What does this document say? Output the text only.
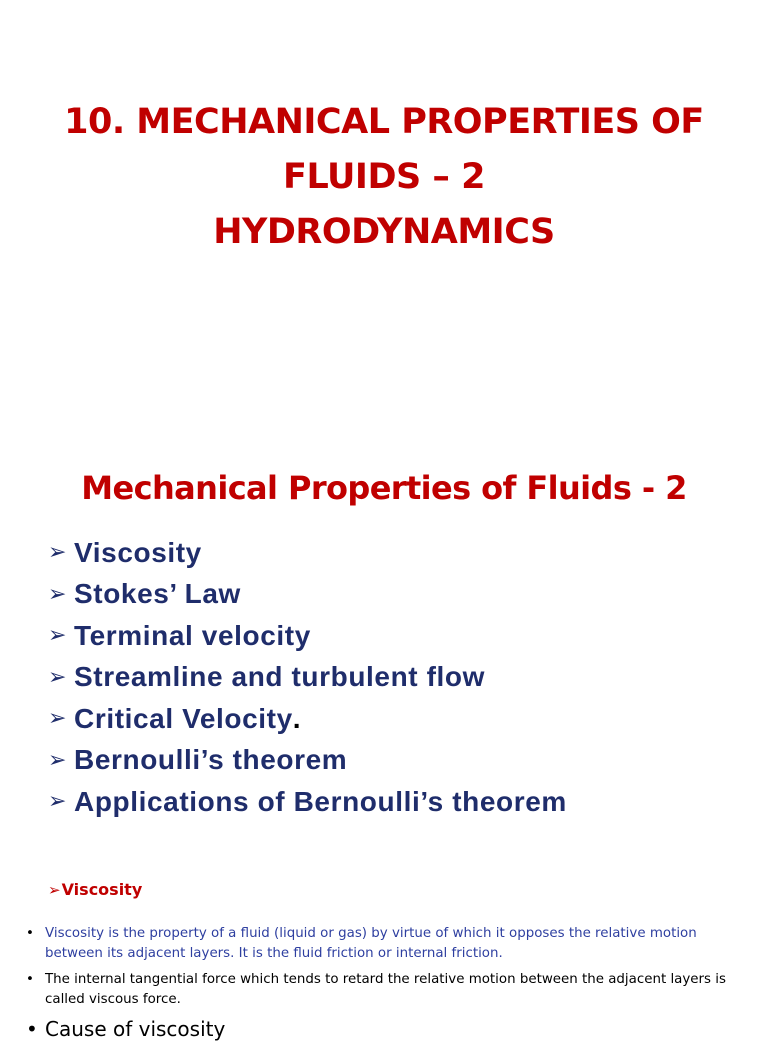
10. MECHANICAL PROPERTIES OF
FLUIDS – 2
HYDRODYNAMICS
Mechanical Properties of Fluids - 2
➢ Viscosity
➢ Stokes’ Law
➢ Terminal velocity
➢ Streamline and turbulent flow
➢ Critical Velocity .
➢ Bernoulli’s theorem
➢ Applications of Bernoulli’s theorem
➢ Viscosity
• Viscosity is the property of a fluid (liquid or gas) by virtue of which it opposes the relative motion between its adjacent layers. It is the fluid friction or internal friction.
• The internal tangential force which tends to retard the relative motion between the adjacent layers is called viscous force.
• Cause of viscosity
